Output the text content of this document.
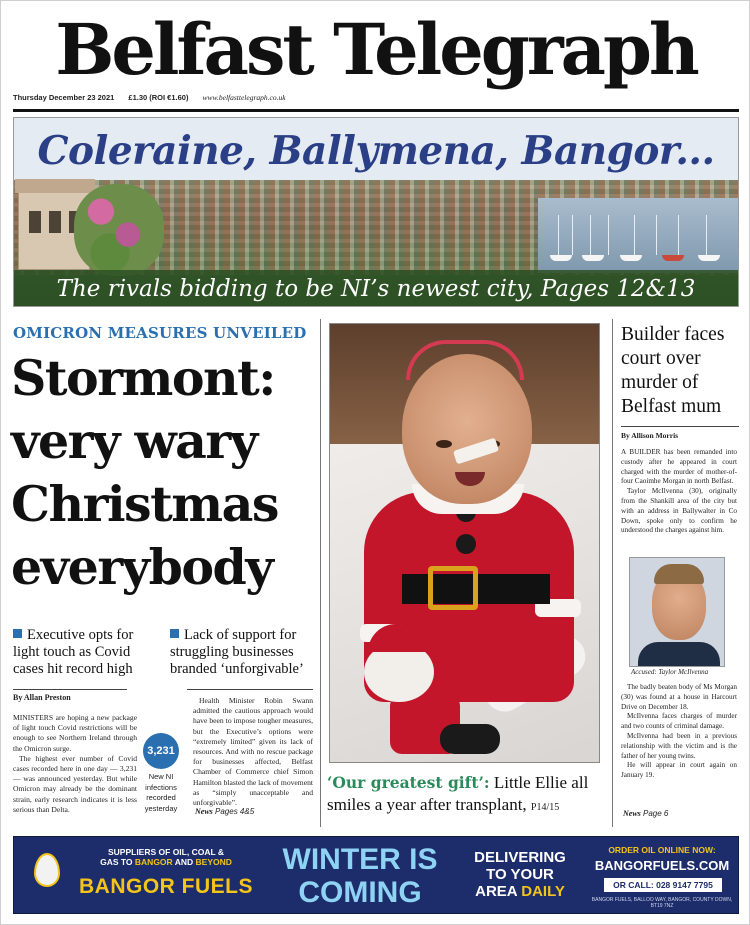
Belfast Telegraph
Thursday December 23 2021 £1.30 (ROI €1.60) www.belfasttelegraph.co.uk
Coleraine, Ballymena, Bangor...
The rivals bidding to be NI’s newest city, Pages 12&13
OMICRON MEASURES UNVEILED
Stormont:
very wary
Christmas
everybody
Executive opts for light touch as Covid cases hit record high
Lack of support for struggling businesses branded ‘unforgivable’
By Allan Preston

MINISTERS are hoping a new package of light touch Covid restrictions will be enough to see Northern Ireland through the Omicron surge.

The highest ever number of Covid cases recorded here in one day — 3,231 — was announced yesterday. But while Omicron may already be the dominant strain, early research indicates it is less serious than Delta.

3,231
New NI infections recorded yesterday

Health Minister Robin Swann admitted the cautious approach would have been to impose tougher measures, but the Executive’s options were “extremely limited” given its lack of resources. And with no rescue package for businesses affected, Belfast Chamber of Commerce chief Simon Hamilton blasted the lack of movement as “simply unacceptable and unforgivable”.

News Pages 4&5
‘Our greatest gift’: Little Ellie all smiles a year after transplant, P14/15
Builder faces
court over
murder of
Belfast mum
By Allison Morris

A BUILDER has been remanded into custody after he appeared in court charged with the murder of mother-of-four Caoimhe Morgan in north Belfast.

Taylor McIlvenna (30), originally from the Shankill area of the city but with an address in Ballywalter in Co Down, spoke only to confirm he understood the charges against him.

Accused: Taylor McIlvenna

The badly beaten body of Ms Morgan (30) was found at a house in Harcourt Drive on December 18.

McIlvenna faces charges of murder and two counts of criminal damage.

McIlvenna had been in a previous relationship with the victim and is the father of her young twins.

He will appear in court again on January 19.

News Page 6
SUPPLIERS OF OIL, COAL &
GAS TO BANGOR AND BEYOND
BANGOR FUELS
WINTER IS
COMING
DELIVERING
TO YOUR
AREA DAILY
ORDER OIL ONLINE NOW:
BANGORFUELS.COM
OR CALL: 028 9147 7795
BANGOR FUELS, BALLOO WAY, BANGOR, COUNTY DOWN, BT19 7NZ
